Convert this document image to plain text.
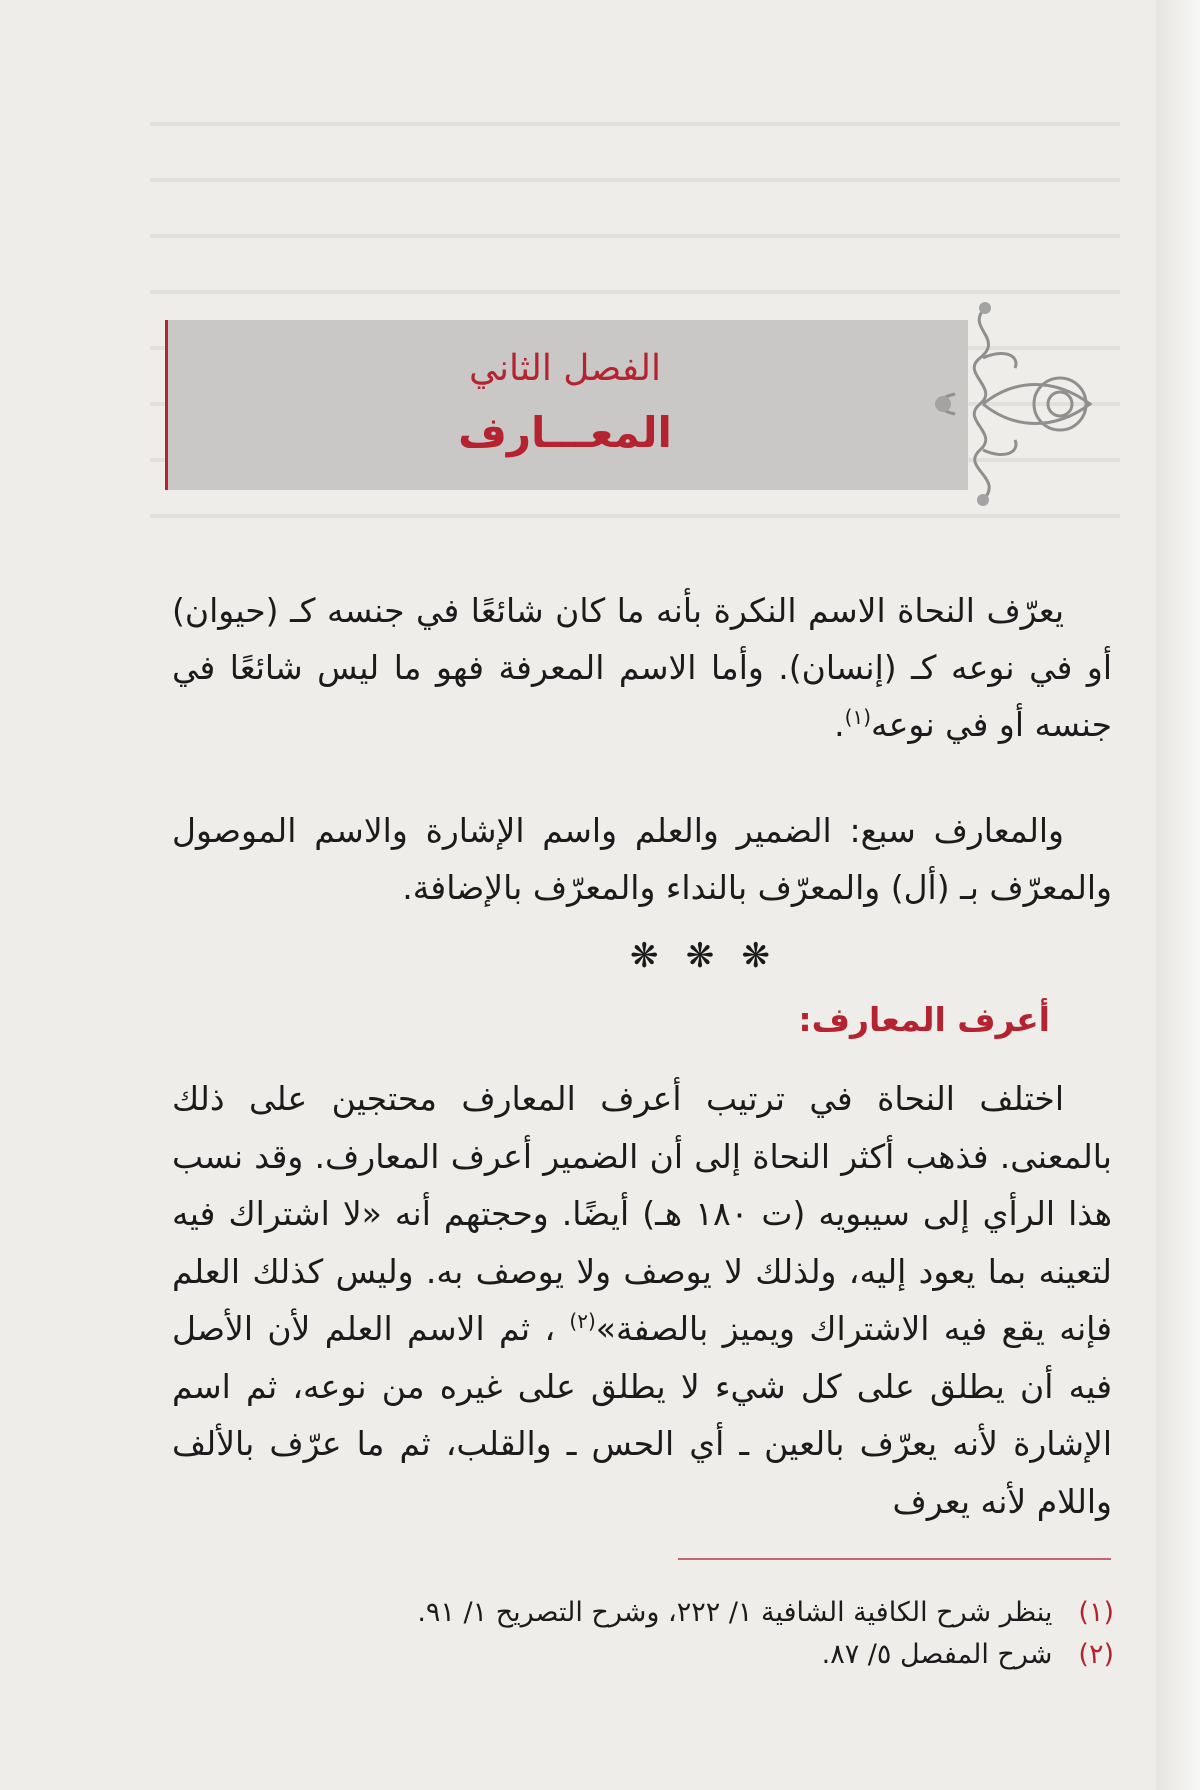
الفصل الثاني
المعـــارف
يعرّف النحاة الاسم النكرة بأنه ما كان شائعًا في جنسه كـ (حيوان) أو في نوعه كـ (إنسان). وأما الاسم المعرفة فهو ما ليس شائعًا في جنسه أو في نوعه$^{(١)}$.
والمعارف سبع: الضمير والعلم واسم الإشارة والاسم الموصول والمعرّف بـ (أل) والمعرّف بالنداء والمعرّف بالإضافة.
❋ ❋ ❋
أعرف المعارف:
اختلف النحاة في ترتيب أعرف المعارف محتجين على ذلك بالمعنى. فذهب أكثر النحاة إلى أن الضمير أعرف المعارف. وقد نسب هذا الرأي إلى سيبويه (ت ١٨٠ هـ) أيضًا. وحجتهم أنه «لا اشتراك فيه لتعينه بما يعود إليه، ولذلك لا يوصف ولا يوصف به. وليس كذلك العلم فإنه يقع فيه الاشتراك ويميز بالصفة»$^{(٢)}$ ، ثم الاسم العلم لأن الأصل فيه أن يطلق على كل شيء لا يطلق على غيره من نوعه، ثم اسم الإشارة لأنه يعرّف بالعين ـ أي الحس ـ والقلب، ثم ما عرّف بالألف واللام لأنه يعرف
(١)
ينظر شرح الكافية الشافية ١/ ٢٢٢، وشرح التصريح ١/ ٩١.
(٢)
شرح المفصل ٥/ ٨٧.
